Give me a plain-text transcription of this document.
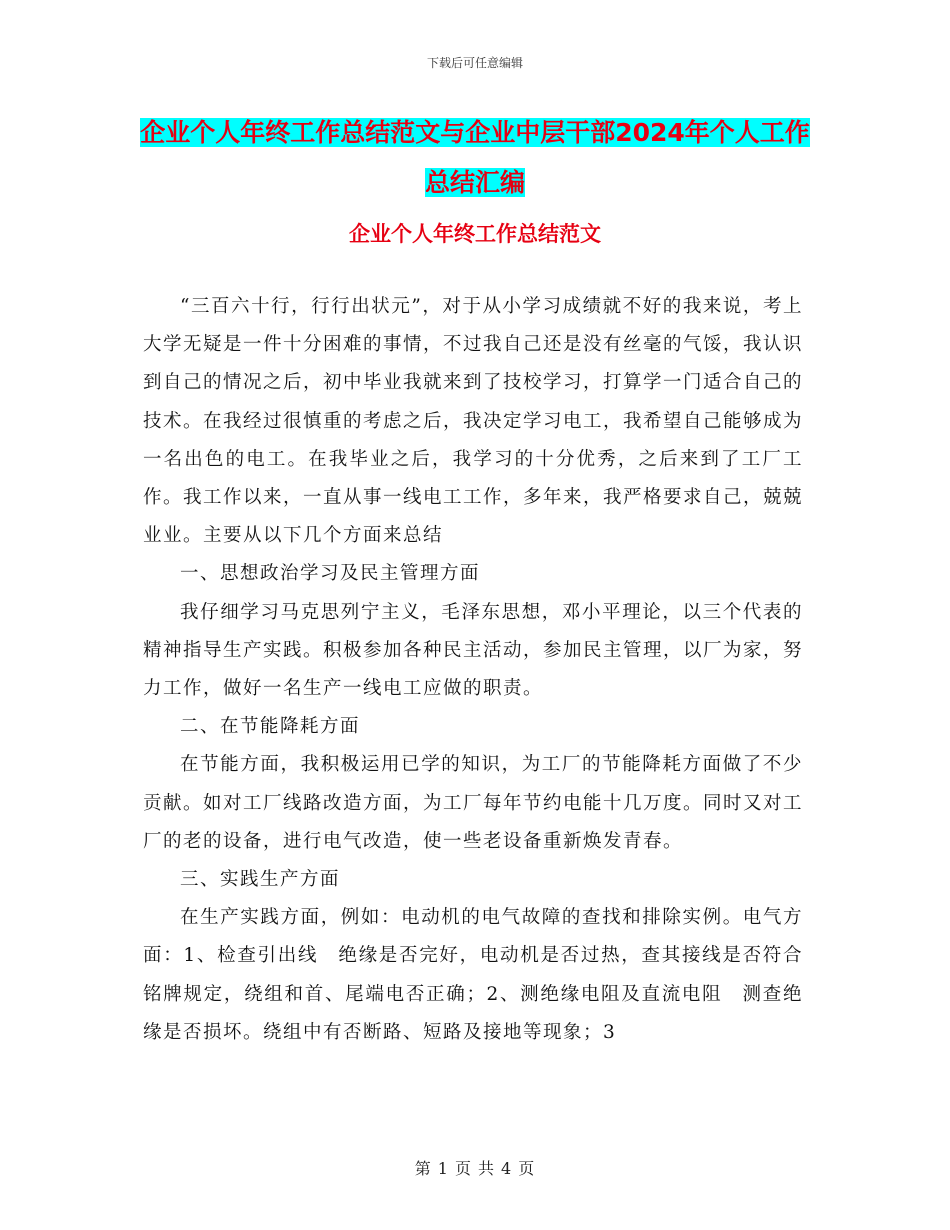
下载后可任意编辑
企业个人年终工作总结范文与企业中层干部2024年个人工作总结汇编
企业个人年终工作总结范文

“三百六十行，行行出状元”，对于从小学习成绩就不好的我来说，考上大学无疑是一件十分困难的事情，不过我自己还是没有丝毫的气馁，我认识到自己的情况之后，初中毕业我就来到了技校学习，打算学一门适合自己的技术。在我经过很慎重的考虑之后，我决定学习电工，我希望自己能够成为一名出色的电工。在我毕业之后，我学习的十分优秀，之后来到了工厂工作。我工作以来，一直从事一线电工工作，多年来，我严格要求自己，兢兢业业。主要从以下几个方面来总结

一、思想政治学习及民主管理方面

我仔细学习马克思列宁主义，毛泽东思想，邓小平理论，以三个代表的精神指导生产实践。积极参加各种民主活动，参加民主管理，以厂为家，努力工作，做好一名生产一线电工应做的职责。

二、在节能降耗方面

在节能方面，我积极运用已学的知识，为工厂的节能降耗方面做了不少贡献。如对工厂线路改造方面，为工厂每年节约电能十几万度。同时又对工厂的老的设备，进行电气改造，使一些老设备重新焕发青春。

三、实践生产方面

在生产实践方面，例如：电动机的电气故障的查找和排除实例。电气方面：1、检查引出线　绝缘是否完好，电动机是否过热，查其接线是否符合铭牌规定，绕组和首、尾端电否正确；2、测绝缘电阻及直流电阻　测查绝缘是否损坏。绕组中有否断路、短路及接地等现象；3

第 1 页 共 4 页
